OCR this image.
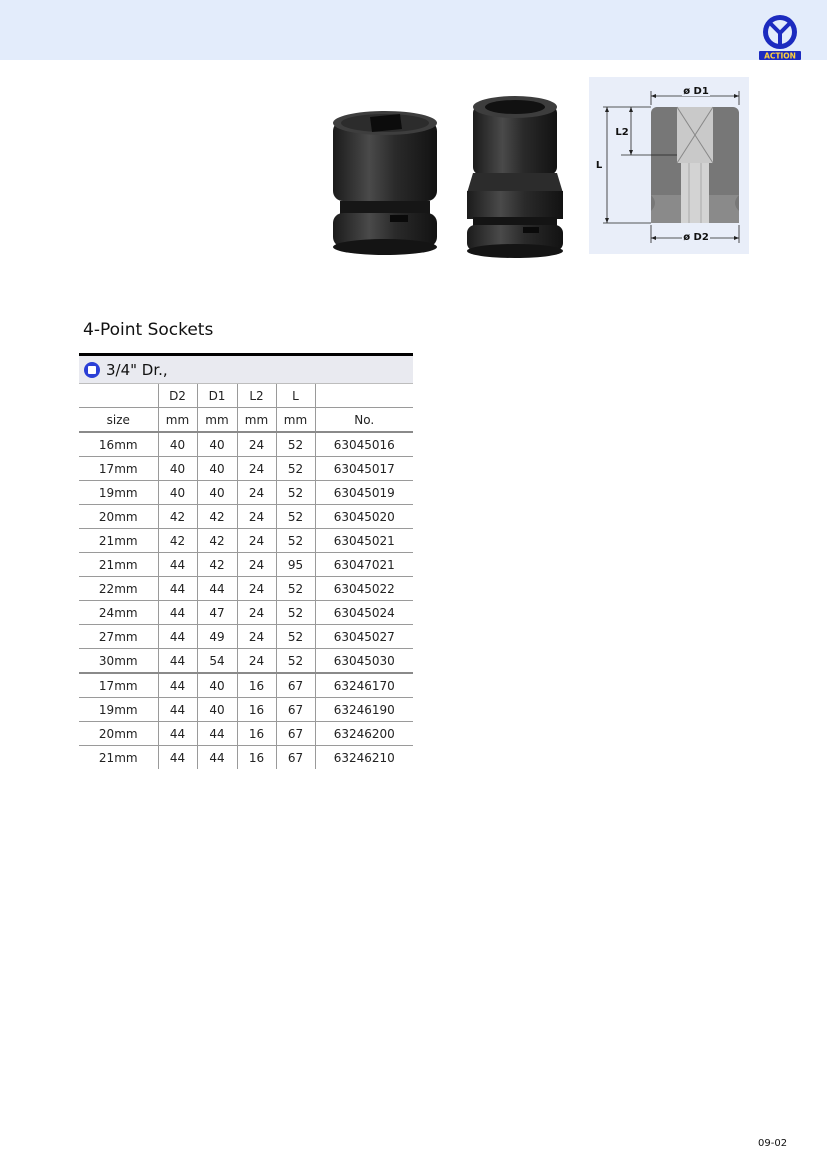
ACTION
ø D1
ø D2
L2
L
4-Point Sockets
3/4" Dr.,
	D2	D1	L2	L	
size	mm	mm	mm	mm	No.
16mm	40	40	24	52	63045016
17mm	40	40	24	52	63045017
19mm	40	40	24	52	63045019
20mm	42	42	24	52	63045020
21mm	42	42	24	52	63045021
21mm	44	42	24	95	63047021
22mm	44	44	24	52	63045022
24mm	44	47	24	52	63045024
27mm	44	49	24	52	63045027
30mm	44	54	24	52	63045030
17mm	44	40	16	67	63246170
19mm	44	40	16	67	63246190
20mm	44	44	16	67	63246200
21mm	44	44	16	67	63246210
09-02
